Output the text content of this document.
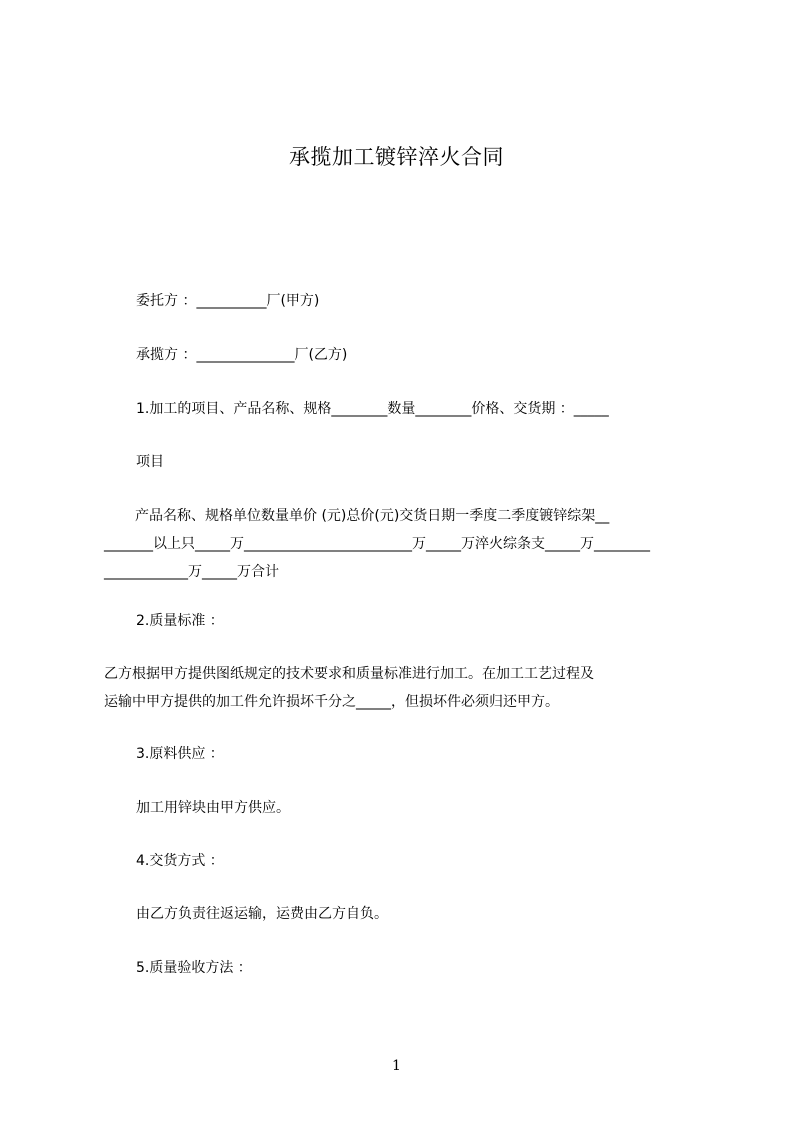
承揽加工镀锌淬火合同
委托方 ：__________厂(甲方)
承揽方 ：______________厂(乙方)
1.加工的项目、产品名称、规格________数量________价格、交货期 ：_____
项目
产品名称、规格单位数量单价 (元)总价(元)交货日期一季度二季度镀锌综架__
_______以上只_____万________________________万_____万淬火综条支_____万________
____________万_____万合计
2.质量标准 ：
乙方根据甲方提供图纸规定的技术要求和质量标准进行加工。在加工工艺过程及
运输中甲方提供的加工件允许损坏千分之_____，但损坏件必须归还甲方。
3.原料供应 ：
加工用锌块由甲方供应。
4.交货方式 ：
由乙方负责往返运输，运费由乙方自负。
5.质量验收方法 ：
1
